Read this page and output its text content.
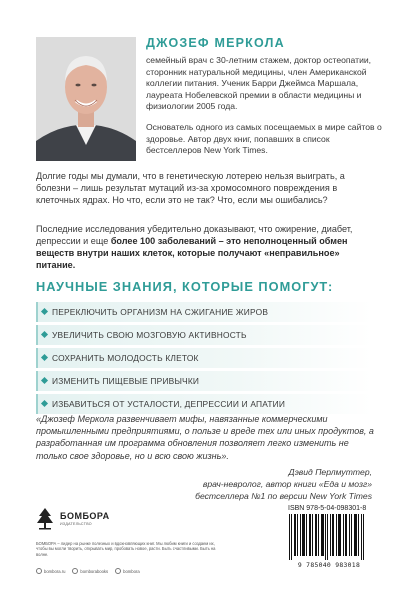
ДЖОЗЕФ МЕРКОЛА
семейный врач с 30-летним стажем, доктор остеопатии, сторонник натуральной медицины, член Американской коллегии питания. Ученик Барри Джеймса Маршала, лауреата Нобелевской премии в области медицины и физиологии 2005 года.
Основатель одного из самых посещаемых в мире сайтов о здоровье. Автор двух книг, попавших в список бестселлеров New York Times.
Долгие годы мы думали, что в генетическую лотерею нельзя выиграть, а болезни – лишь результат мутаций из-за хромосомного повреждения в клеточных ядрах. Но что, если это не так? Что, если мы ошибались?
Последние исследования убедительно доказывают, что ожирение, диабет, депрессии и еще более 100 заболеваний – это неполноценный обмен веществ внутри наших клеток, которые получают «неправильное» питание.
НАУЧНЫЕ ЗНАНИЯ, КОТОРЫЕ ПОМОГУТ:
ПЕРЕКЛЮЧИТЬ ОРГАНИЗМ НА СЖИГАНИЕ ЖИРОВ
УВЕЛИЧИТЬ СВОЮ МОЗГОВУЮ АКТИВНОСТЬ
СОХРАНИТЬ МОЛОДОСТЬ КЛЕТОК
ИЗМЕНИТЬ ПИЩЕВЫЕ ПРИВЫЧКИ
ИЗБАВИТЬСЯ ОТ УСТАЛОСТИ, ДЕПРЕССИИ И АПАТИИ
«Джозеф Меркола развенчивает мифы, навязанные коммерческими промышленными предприятиями, о пользе и вреде тех или иных продуктов, а разработанная им программа обновления позволяет легко изменить не только свое здоровье, но и всю свою жизнь».
Дэвид Перлмуттер,
врач-невролог, автор книги «Еда и мозг»
бестселлера №1 по версии New York Times
БОМБОРА
ИЗДАТЕЛЬСТВО
БОМБОРА – лидер на рынке полезных и вдохновляющих книг. Мы любим книги и создаем их, чтобы вы могли творить, открывать мир, пробовать новое, расти. Быть счастливыми. Быть на волне.
bombora.ru	bomborabooks	bombora
ISBN 978-5-04-098301-8
9 785040 983018
